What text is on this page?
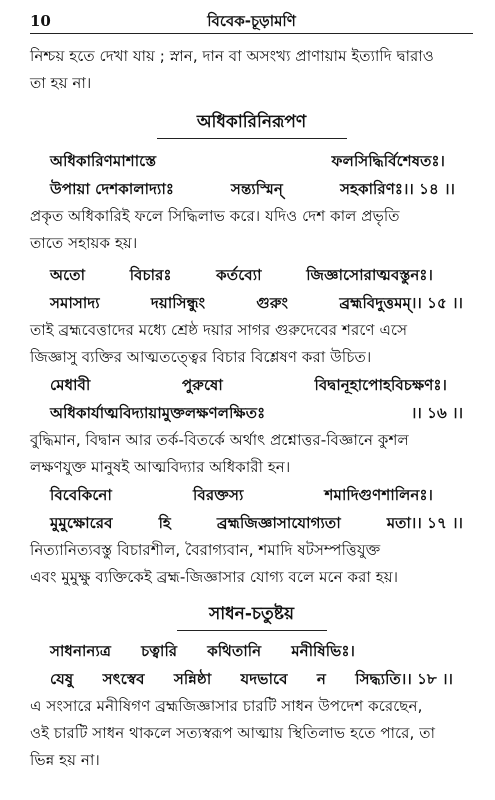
10	বিবেক-চূড়ামণি

নিশ্চয় হতে দেখা যায় ; স্নান, দান বা অসংখ্য প্রাণায়াম ইত্যাদি দ্বারাও
তা হয় না।

অধিকারিনিরূপণ

অধিকারিণমাশাস্তে	ফলসিদ্ধির্বিশেষতঃ।

উপায়া দেশকালাদ্যাঃ	সন্ত্যস্মিন্	সহকারিণঃ।। ১৪ ।।

প্রকৃত অধিকারিই ফলে সিদ্ধিলাভ করে। যদিও দেশ কাল প্রভৃতি
তাতে সহায়ক হয়।

অতো	বিচারঃ	কর্তব্যো	জিজ্ঞাসোরাত্মবস্তুনঃ।

সমাসাদ্য	দয়াসিন্ধুং	গুরুং	ব্রহ্মবিদুত্তমম্।। ১৫ ।।

তাই ব্রহ্মবেত্তাদের মধ্যে শ্রেষ্ঠ দয়ার সাগর গুরুদেবের শরণে এসে
জিজ্ঞাসু ব্যক্তির আত্মতত্ত্বের বিচার বিশ্লেষণ করা উচিত।

মেধাবী	পুরুষো	বিদ্বানূহাপোহবিচক্ষণঃ।

অধিকার্যাত্মবিদ্যায়ামুক্তলক্ষণলক্ষিতঃ	।। ১৬ ।।

বুদ্ধিমান, বিদ্বান আর তর্ক-বিতর্কে অর্থাৎ প্রশ্নোত্তর-বিজ্ঞানে কুশল
লক্ষণযুক্ত মানুষই আত্মবিদ্যার অধিকারী হন।

বিবেকিনো	বিরক্তস্য	শমাদিগুণশালিনঃ।

মুমুক্ষোরেব	হি	ব্রহ্মজিজ্ঞাসাযোগ্যতা	মতা।। ১৭ ।।

নিত্যানিত্যবস্তু বিচারশীল, বৈরাগ্যবান, শমাদি ষটসম্পত্তিযুক্ত
এবং মুমুক্ষু ব্যক্তিকেই ব্রহ্ম-জিজ্ঞাসার যোগ্য বলে মনে করা হয়।

সাধন-চতুষ্টয়

সাধনান্যত্র চত্বারি কথিতানি মনীষিভিঃ।

যেষু সৎস্বেব সন্নিষ্ঠা যদভাবে ন সিদ্ধ্যতি।। ১৮ ।।

এ সংসারে মনীষিগণ ব্রহ্মজিজ্ঞাসার চারটি সাধন উপদেশ করেছেন,
ওই চারটি সাধন থাকলে সত্যস্বরূপ আত্মায় স্থিতিলাভ হতে পারে, তা
ভিন্ন হয় না।
